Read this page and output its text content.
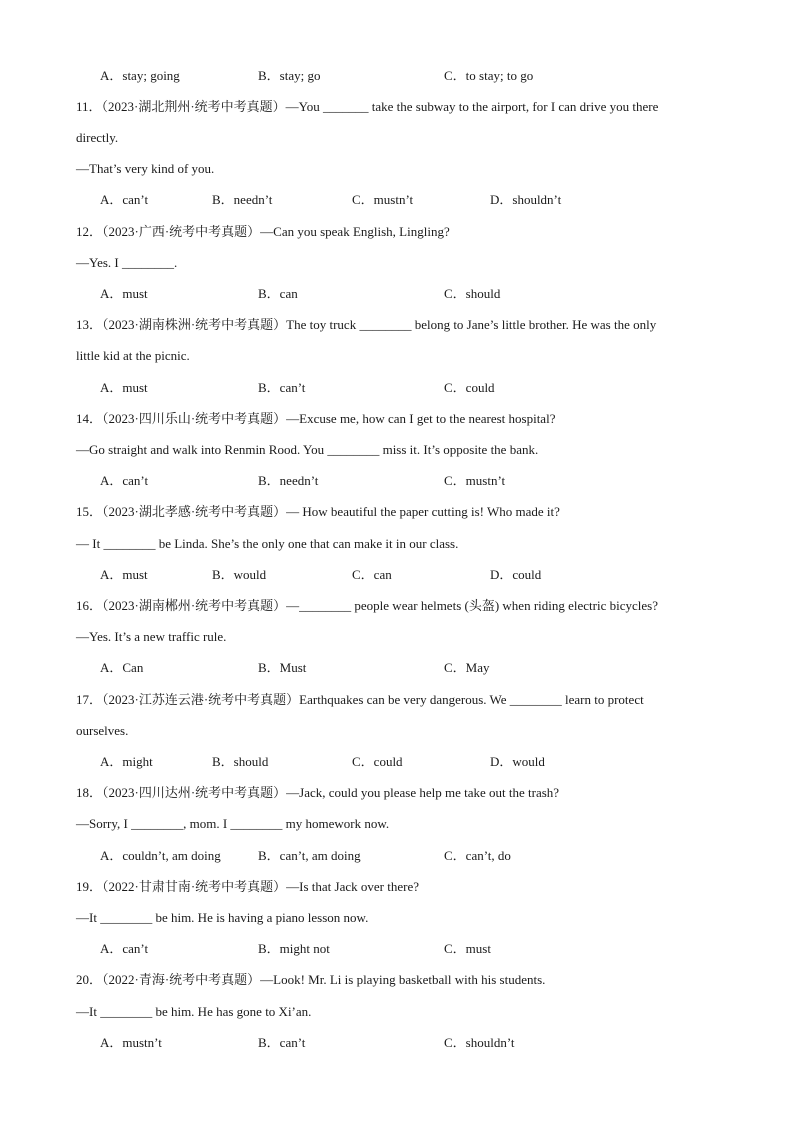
A．stay; going	B．stay; go	C．to stay; to go
11．（2023·湖北荆州·统考中考真题）—You _______ take the subway to the airport, for I can drive you there
directly.
—That’s very kind of you.
A．can’t	B．needn’t	C．mustn’t	D．shouldn’t
12．（2023·广西·统考中考真题）—Can you speak English, Lingling?
—Yes. I ________.
A．must	B．can	C．should
13．（2023·湖南株洲·统考中考真题）The toy truck ________ belong to Jane’s little brother. He was the only
little kid at the picnic.
A．must	B．can’t	C．could
14．（2023·四川乐山·统考中考真题）—Excuse me, how can I get to the nearest hospital?
—Go straight and walk into Renmin Rood. You ________ miss it. It’s opposite the bank.
A．can’t	B．needn’t	C．mustn’t
15．（2023·湖北孝感·统考中考真题）— How beautiful the paper cutting is! Who made it?
— It ________ be Linda. She’s the only one that can make it in our class.
A．must	B．would	C．can	D．could
16．（2023·湖南郴州·统考中考真题）—________ people wear helmets (头盔) when riding electric bicycles?
—Yes. It’s a new traffic rule.
A．Can	B．Must	C．May
17．（2023·江苏连云港·统考中考真题）Earthquakes can be very dangerous. We ________ learn to protect
ourselves.
A．might	B．should	C．could	D．would
18．（2023·四川达州·统考中考真题）—Jack, could you please help me take out the trash?
—Sorry, I ________, mom. I ________ my homework now.
A．couldn’t, am doing	B．can’t, am doing	C．can’t, do
19．（2022·甘肃甘南·统考中考真题）—Is that Jack over there?
—It ________ be him. He is having a piano lesson now.
A．can’t	B．might not	C．must
20．（2022·青海·统考中考真题）—Look! Mr. Li is playing basketball with his students.
—It ________ be him. He has gone to Xi’an.
A．mustn’t	B．can’t	C．shouldn’t
